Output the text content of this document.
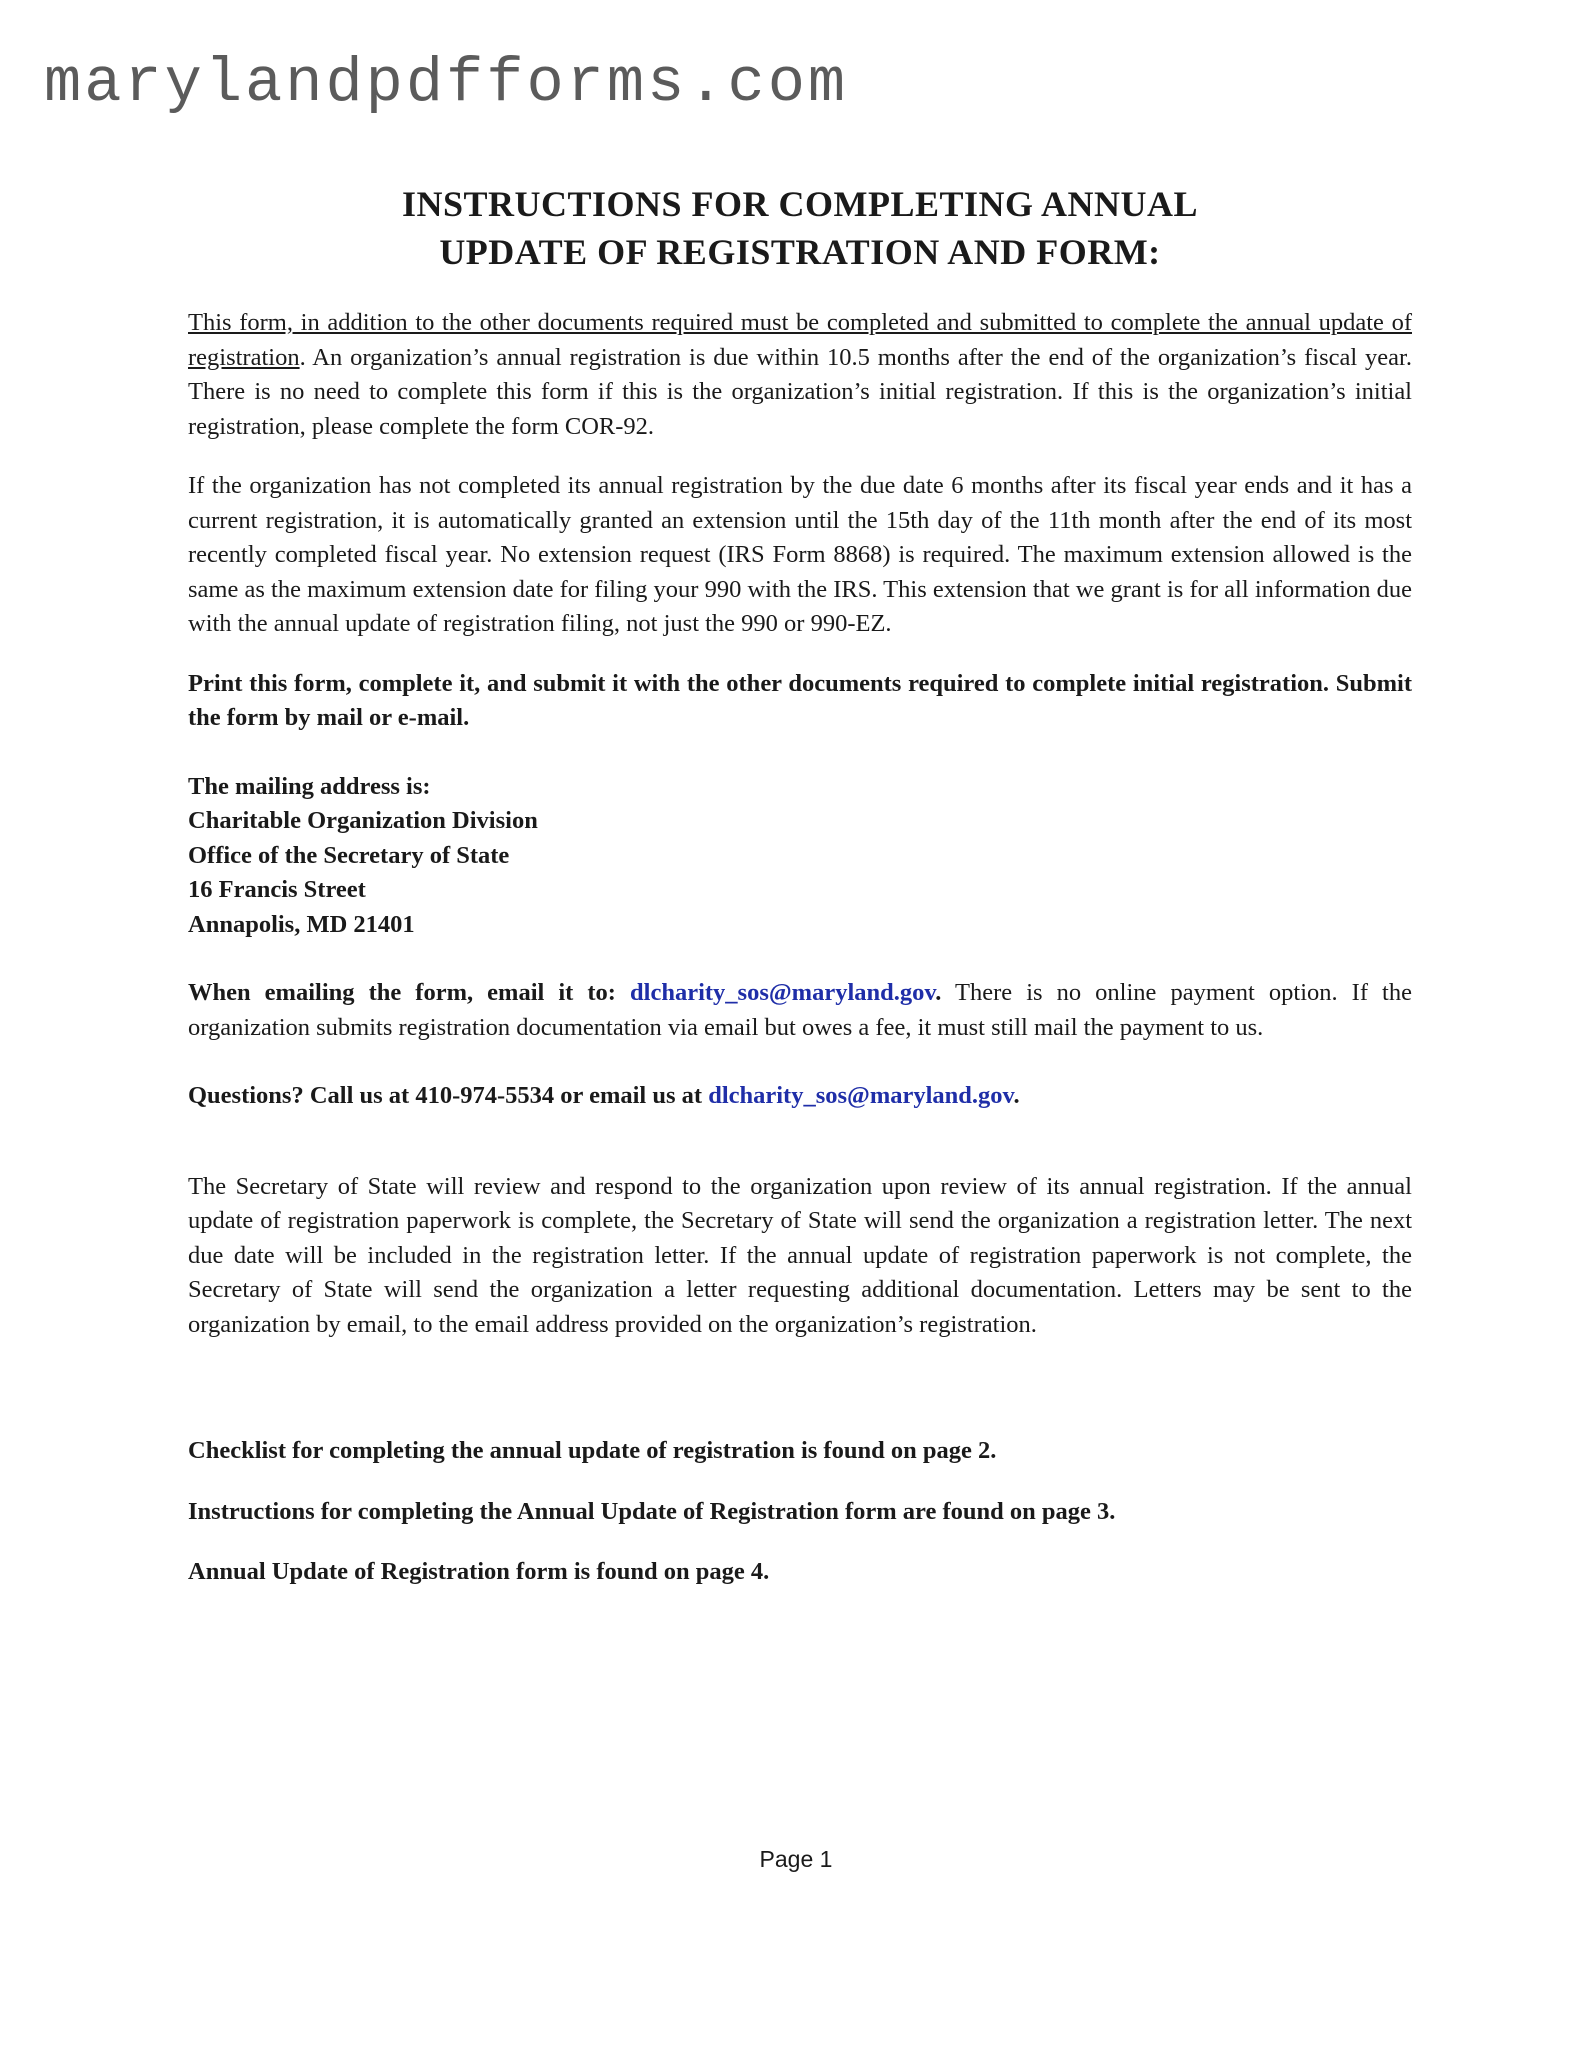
marylandpdfforms.com
INSTRUCTIONS FOR COMPLETING ANNUAL
UPDATE OF REGISTRATION AND FORM:

This form, in addition to the other documents required must be completed and submitted to complete the annual update of registration. An organization’s annual registration is due within 10.5 months after the end of the organization’s fiscal year. There is no need to complete this form if this is the organization’s initial registration. If this is the organization’s initial registration, please complete the form COR-92.

If the organization has not completed its annual registration by the due date 6 months after its fiscal year ends and it has a current registration, it is automatically granted an extension until the 15th day of the 11th month after the end of its most recently completed fiscal year. No extension request (IRS Form 8868) is required. The maximum extension allowed is the same as the maximum extension date for filing your 990 with the IRS. This extension that we grant is for all information due with the annual update of registration filing, not just the 990 or 990-EZ.

Print this form, complete it, and submit it with the other documents required to complete initial registration. Submit the form by mail or e-mail.

The mailing address is:
Charitable Organization Division
Office of the Secretary of State
16 Francis Street
Annapolis, MD 21401

When emailing the form, email it to: dlcharity_sos@maryland.gov. There is no online payment option. If the organization submits registration documentation via email but owes a fee, it must still mail the payment to us.

Questions? Call us at 410-974-5534 or email us at dlcharity_sos@maryland.gov.

The Secretary of State will review and respond to the organization upon review of its annual registration. If the annual update of registration paperwork is complete, the Secretary of State will send the organization a registration letter. The next due date will be included in the registration letter. If the annual update of registration paperwork is not complete, the Secretary of State will send the organization a letter requesting additional documentation. Letters may be sent to the organization by email, to the email address provided on the organization’s registration.

Checklist for completing the annual update of registration is found on page 2.
Instructions for completing the Annual Update of Registration form are found on page 3.
Annual Update of Registration form is found on page 4.
Page 1
